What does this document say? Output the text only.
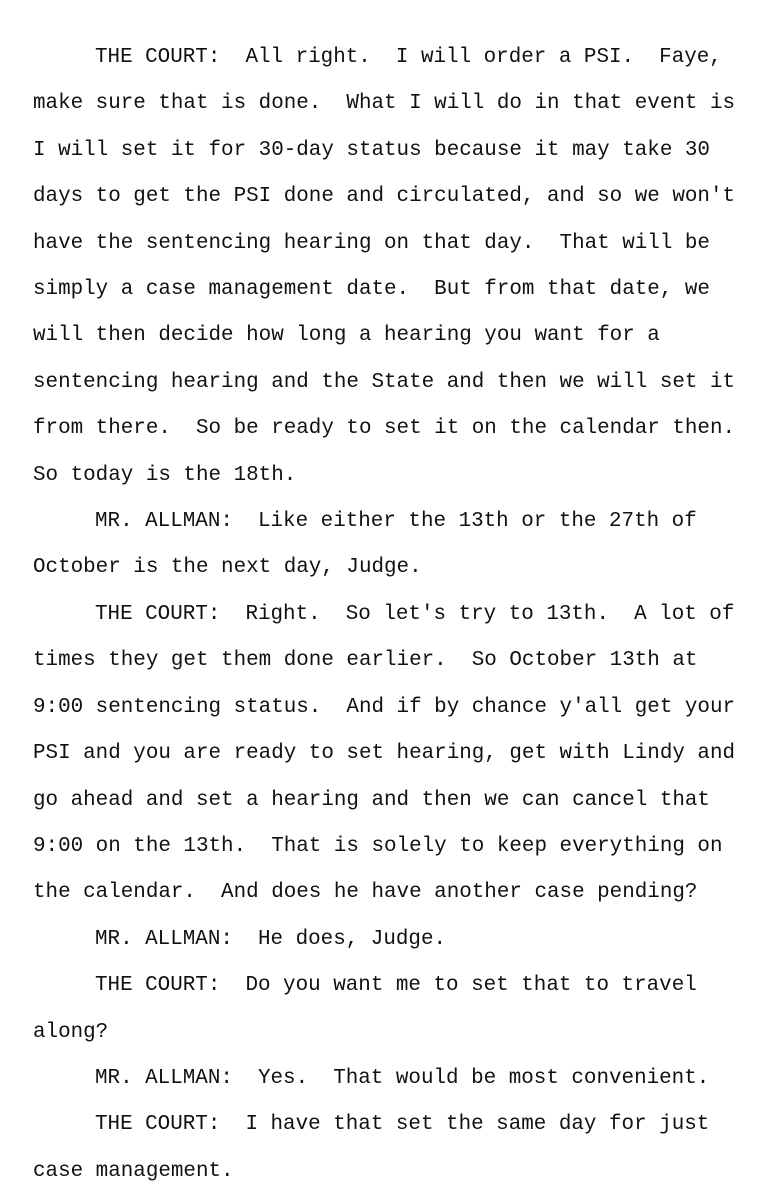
THE COURT: All right.  I will order a PSI.  Faye,
make sure that is done.  What I will do in that event is
I will set it for 30-day status because it may take 30
days to get the PSI done and circulated, and so we won't
have the sentencing hearing on that day.  That will be
simply a case management date.  But from that date, we
will then decide how long a hearing you want for a
sentencing hearing and the State and then we will set it
from there.  So be ready to set it on the calendar then.
So today is the 18th.

MR. ALLMAN: Like either the 13th or the 27th of
October is the next day, Judge.

THE COURT: Right.  So let's try to 13th.  A lot of
times they get them done earlier.  So October 13th at
9:00 sentencing status.  And if by chance y'all get your
PSI and you are ready to set hearing, get with Lindy and
go ahead and set a hearing and then we can cancel that
9:00 on the 13th.  That is solely to keep everything on
the calendar.  And does he have another case pending?

MR. ALLMAN: He does, Judge.

THE COURT: Do you want me to set that to travel
along?

MR. ALLMAN: Yes.  That would be most convenient.

THE COURT: I have that set the same day for just
case management.
